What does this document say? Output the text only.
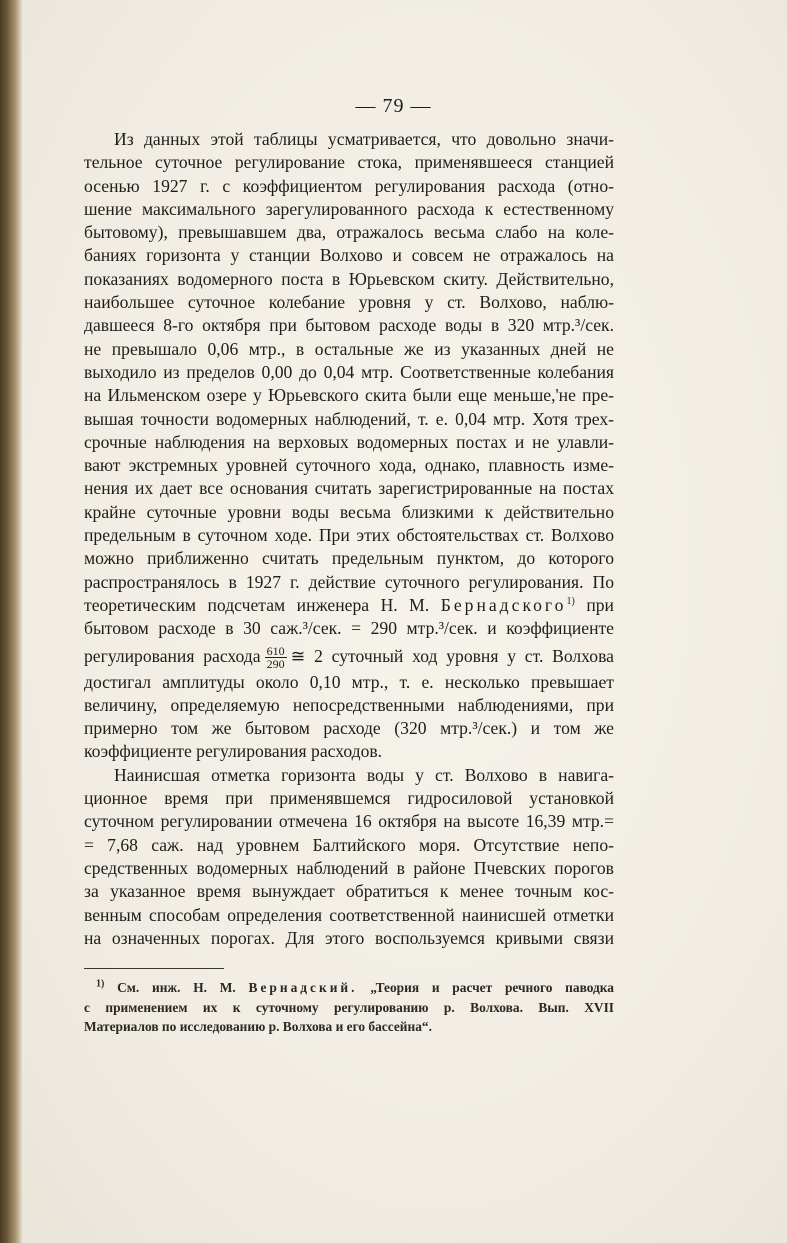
— 79 —
Из данных этой таблицы усматривается, что довольно значи-
тельное суточное регулирование стока, применявшееся станцией
осенью 1927 г. с коэффициентом регулирования расхода (отно-
шение максимального зарегулированного расхода к естественному
бытовому), превышавшем два, отражалось весьма слабо на коле-
баниях горизонта у станции Волхово и совсем не отражалось на
показаниях водомерного поста в Юрьевском скиту. Действительно,
наибольшее суточное колебание уровня у ст. Волхово, наблю-
давшееся 8-го октября при бытовом расходе воды в 320 мтр.³/сек.
не превышало 0,06 мтр., в остальные же из указанных дней не
выходило из пределов 0,00 до 0,04 мтр. Соответственные колебания
на Ильменском озере у Юрьевского скита были еще меньше,'не пре-
вышая точности водомерных наблюдений, т. е. 0,04 мтр. Хотя трех-
срочные наблюдения на верховых водомерных постах и не улавли-
вают экстремных уровней суточного хода, однако, плавность изме-
нения их дает все основания считать зарегистрированные на постах
крайне суточные уровни воды весьма близкими к действительно
предельным в суточном ходе. При этих обстоятельствах ст. Волхово
можно приближенно считать предельным пунктом, до которого
распространялось в 1927 г. действие суточного регулирования. По
теоретическим подсчетам инженера Н. М. Бернадского$^{1)}$ при
бытовом расходе в 30 саж.³/сек. = 290 мтр.³/сек. и коэффициенте
регулирования расхода $\frac{610}{290}$ ≅ 2 суточный ход уровня у ст. Волхова
достигал амплитуды около 0,10 мтр., т. е. несколько превышает
величину, определяемую непосредственными наблюдениями, при
примерно том же бытовом расходе (320 мтр.³/сек.) и том же
коэффициенте регулирования расходов.
Наинисшая отметка горизонта воды у ст. Волхово в навига-
ционное время при применявшемся гидросиловой установкой
суточном регулировании отмечена 16 октября на высоте 16,39 мтр.=
= 7,68 саж. над уровнем Балтийского моря. Отсутствие непо-
средственных водомерных наблюдений в районе Пчевских порогов
за указанное время вынуждает обратиться к менее точным кос-
венным способам определения соответственной наинисшей отметки
на означенных порогах. Для этого воспользуемся кривыми связи
$^{1)}$ См. инж. Н. М. Вернадский. „Теория и расчет речного паводка
с применением их к суточному регулированию р. Волхова. Вып. XVII
Материалов по исследованию р. Волхова и его бассейна“.
